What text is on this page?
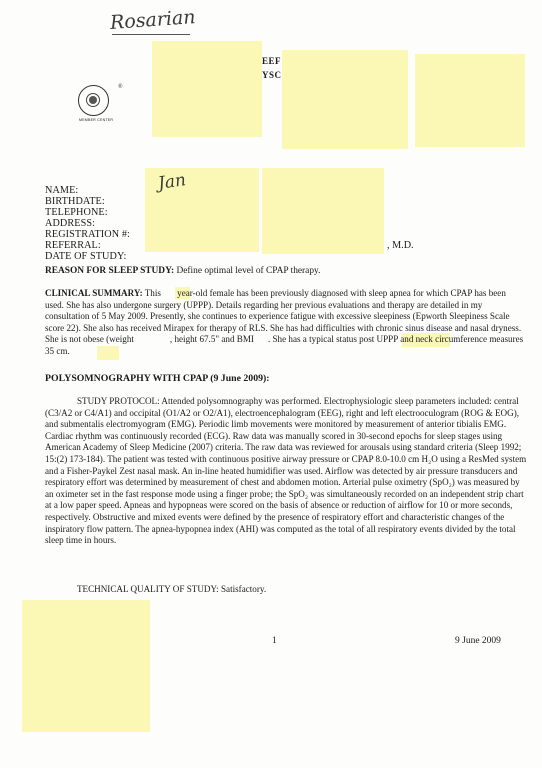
Rosarian
MEMBER CENTER
®
EEF
YSC
Jan
NAME:
BIRTHDATE:
TELEPHONE:
ADDRESS:
REGISTRATION #:
REFERRAL:
DATE OF STUDY:
, M.D.
REASON FOR SLEEP STUDY: Define optimal level of CPAP therapy.
CLINICAL SUMMARY: This year-old female has been previously diagnosed with sleep apnea for which CPAP has been used. She has also undergone surgery (UPPP). Details regarding her previous evaluations and therapy are detailed in my consultation of 5 May 2009. Presently, she continues to experience fatigue with excessive sleepiness (Epworth Sleepiness Scale score 22). She also has received Mirapex for therapy of RLS. She has had difficulties with chronic sinus disease and nasal dryness. She is not obese (weight	, height 67.5" and BMI . She has a typical status post UPPP and neck circumference measures 35 cm.
POLYSOMNOGRAPHY WITH CPAP (9 June 2009):
STUDY PROTOCOL: Attended polysomnography was performed. Electrophysiologic sleep parameters included: central (C3/A2 or C4/A1) and occipital (O1/A2 or O2/A1), electroencephalogram (EEG), right and left electrooculogram (ROG & EOG), and submentalis electromyogram (EMG). Periodic limb movements were monitored by measurement of anterior tibialis EMG. Cardiac rhythm was continuously recorded (ECG). Raw data was manually scored in 30-second epochs for sleep stages using American Academy of Sleep Medicine (2007) criteria. The raw data was reviewed for arousals using standard criteria (Sleep 1992; 15:(2) 173-184). The patient was tested with continuous positive airway pressure or CPAP 8.0-10.0 cm H₂O using a ResMed system and a Fisher-Paykel Zest nasal mask. An in-line heated humidifier was used. Airflow was detected by air pressure transducers and respiratory effort was determined by measurement of chest and abdomen motion. Arterial pulse oximetry (SpO₂) was measured by an oximeter set in the fast response mode using a finger probe; the SpO₂ was simultaneously recorded on an independent strip chart at a low paper speed. Apneas and hypopneas were scored on the basis of absence or reduction of airflow for 10 or more seconds, respectively. Obstructive and mixed events were defined by the presence of respiratory effort and characteristic changes of the inspiratory flow pattern. The apnea-hypopnea index (AHI) was computed as the total of all respiratory events divided by the total sleep time in hours.
TECHNICAL QUALITY OF STUDY: Satisfactory.
1	9 June 2009
